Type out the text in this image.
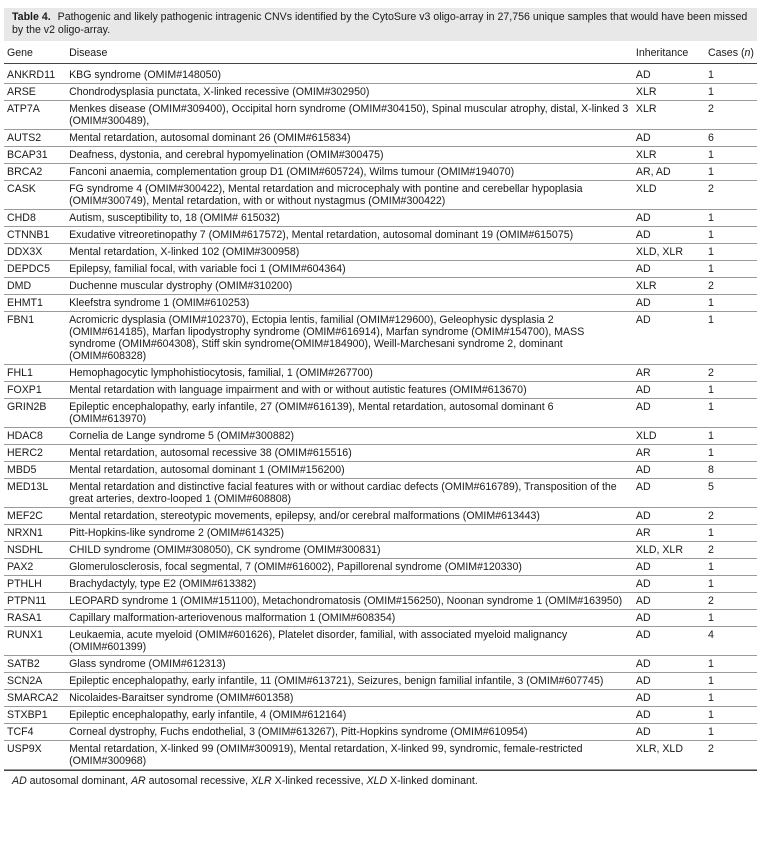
Table 4. Pathogenic and likely pathogenic intragenic CNVs identified by the CytoSure v3 oligo-array in 27,756 unique samples that would have been missed by the v2 oligo-array.
Gene	Disease	Inheritance	Cases (n)
ANKRD11	KBG syndrome (OMIM#148050)	AD	1
ARSE	Chondrodysplasia punctata, X-linked recessive (OMIM#302950)	XLR	1
ATP7A	Menkes disease (OMIM#309400), Occipital horn syndrome (OMIM#304150), Spinal muscular atrophy, distal, X-linked 3 (OMIM#300489),	XLR	2
AUTS2	Mental retardation, autosomal dominant 26 (OMIM#615834)	AD	6
BCAP31	Deafness, dystonia, and cerebral hypomyelination (OMIM#300475)	XLR	1
BRCA2	Fanconi anaemia, complementation group D1 (OMIM#605724), Wilms tumour (OMIM#194070)	AR, AD	1
CASK	FG syndrome 4 (OMIM#300422), Mental retardation and microcephaly with pontine and cerebellar hypoplasia (OMIM#300749), Mental retardation, with or without nystagmus (OMIM#300422)	XLD	2
CHD8	Autism, susceptibility to, 18 (OMIM# 615032)	AD	1
CTNNB1	Exudative vitreoretinopathy 7 (OMIM#617572), Mental retardation, autosomal dominant 19 (OMIM#615075)	AD	1
DDX3X	Mental retardation, X-linked 102 (OMIM#300958)	XLD, XLR	1
DEPDC5	Epilepsy, familial focal, with variable foci 1 (OMIM#604364)	AD	1
DMD	Duchenne muscular dystrophy (OMIM#310200)	XLR	2
EHMT1	Kleefstra syndrome 1 (OMIM#610253)	AD	1
FBN1	Acromicric dysplasia (OMIM#102370), Ectopia lentis, familial (OMIM#129600), Geleophysic dysplasia 2 (OMIM#614185), Marfan lipodystrophy syndrome (OMIM#616914), Marfan syndrome (OMIM#154700), MASS syndrome (OMIM#604308), Stiff skin syndrome(OMIM#184900), Weill-Marchesani syndrome 2, dominant (OMIM#608328)	AD	1
FHL1	Hemophagocytic lymphohistiocytosis, familial, 1 (OMIM#267700)	AR	2
FOXP1	Mental retardation with language impairment and with or without autistic features (OMIM#613670)	AD	1
GRIN2B	Epileptic encephalopathy, early infantile, 27 (OMIM#616139), Mental retardation, autosomal dominant 6 (OMIM#613970)	AD	1
HDAC8	Cornelia de Lange syndrome 5 (OMIM#300882)	XLD	1
HERC2	Mental retardation, autosomal recessive 38 (OMIM#615516)	AR	1
MBD5	Mental retardation, autosomal dominant 1 (OMIM#156200)	AD	8
MED13L	Mental retardation and distinctive facial features with or without cardiac defects (OMIM#616789), Transposition of the great arteries, dextro-looped 1 (OMIM#608808)	AD	5
MEF2C	Mental retardation, stereotypic movements, epilepsy, and/or cerebral malformations (OMIM#613443)	AD	2
NRXN1	Pitt-Hopkins-like syndrome 2 (OMIM#614325)	AR	1
NSDHL	CHILD syndrome (OMIM#308050), CK syndrome (OMIM#300831)	XLD, XLR	2
PAX2	Glomerulosclerosis, focal segmental, 7 (OMIM#616002), Papillorenal syndrome (OMIM#120330)	AD	1
PTHLH	Brachydactyly, type E2 (OMIM#613382)	AD	1
PTPN11	LEOPARD syndrome 1 (OMIM#151100), Metachondromatosis (OMIM#156250), Noonan syndrome 1 (OMIM#163950)	AD	2
RASA1	Capillary malformation-arteriovenous malformation 1 (OMIM#608354)	AD	1
RUNX1	Leukaemia, acute myeloid (OMIM#601626), Platelet disorder, familial, with associated myeloid malignancy (OMIM#601399)	AD	4
SATB2	Glass syndrome (OMIM#612313)	AD	1
SCN2A	Epileptic encephalopathy, early infantile, 11 (OMIM#613721), Seizures, benign familial infantile, 3 (OMIM#607745)	AD	1
SMARCA2	Nicolaides-Baraitser syndrome (OMIM#601358)	AD	1
STXBP1	Epileptic encephalopathy, early infantile, 4 (OMIM#612164)	AD	1
TCF4	Corneal dystrophy, Fuchs endothelial, 3 (OMIM#613267), Pitt-Hopkins syndrome (OMIM#610954)	AD	1
USP9X	Mental retardation, X-linked 99 (OMIM#300919), Mental retardation, X-linked 99, syndromic, female-restricted (OMIM#300968)	XLR, XLD	2
AD autosomal dominant, AR autosomal recessive, XLR X-linked recessive, XLD X-linked dominant.
